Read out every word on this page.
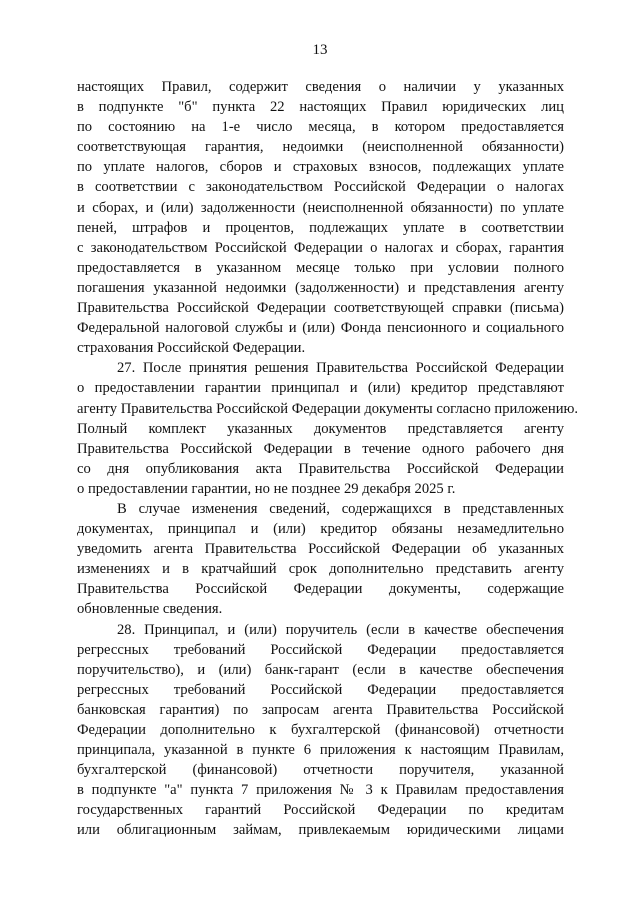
13
настоящих Правил, содержит сведения о наличии у указанных
в подпункте "б" пункта 22 настоящих Правил юридических лиц
по состоянию на 1-е число месяца, в котором предоставляется
соответствующая гарантия, недоимки (неисполненной обязанности)
по уплате налогов, сборов и страховых взносов, подлежащих уплате
в соответствии с законодательством Российской Федерации о налогах
и сборах, и (или) задолженности (неисполненной обязанности) по уплате
пеней, штрафов и процентов, подлежащих уплате в соответствии
с законодательством Российской Федерации о налогах и сборах, гарантия
предоставляется в указанном месяце только при условии полного
погашения указанной недоимки (задолженности) и представления агенту
Правительства Российской Федерации соответствующей справки (письма)
Федеральной налоговой службы и (или) Фонда пенсионного и социального
страхования Российской Федерации.
27. После принятия решения Правительства Российской Федерации
о предоставлении гарантии принципал и (или) кредитор представляют
агенту Правительства Российской Федерации документы согласно приложению.
Полный комплект указанных документов представляется агенту
Правительства Российской Федерации в течение одного рабочего дня
со дня опубликования акта Правительства Российской Федерации
о предоставлении гарантии, но не позднее 29 декабря 2025 г.
В случае изменения сведений, содержащихся в представленных
документах, принципал и (или) кредитор обязаны незамедлительно
уведомить агента Правительства Российской Федерации об указанных
изменениях и в кратчайший срок дополнительно представить агенту
Правительства Российской Федерации документы, содержащие
обновленные сведения.
28. Принципал, и (или) поручитель (если в качестве обеспечения
регрессных требований Российской Федерации предоставляется
поручительство), и (или) банк-гарант (если в качестве обеспечения
регрессных требований Российской Федерации предоставляется
банковская гарантия) по запросам агента Правительства Российской
Федерации дополнительно к бухгалтерской (финансовой) отчетности
принципала, указанной в пункте 6 приложения к настоящим Правилам,
бухгалтерской (финансовой) отчетности поручителя, указанной
в подпункте "а" пункта 7 приложения № 3 к Правилам предоставления
государственных гарантий Российской Федерации по кредитам
или облигационным займам, привлекаемым юридическими лицами
